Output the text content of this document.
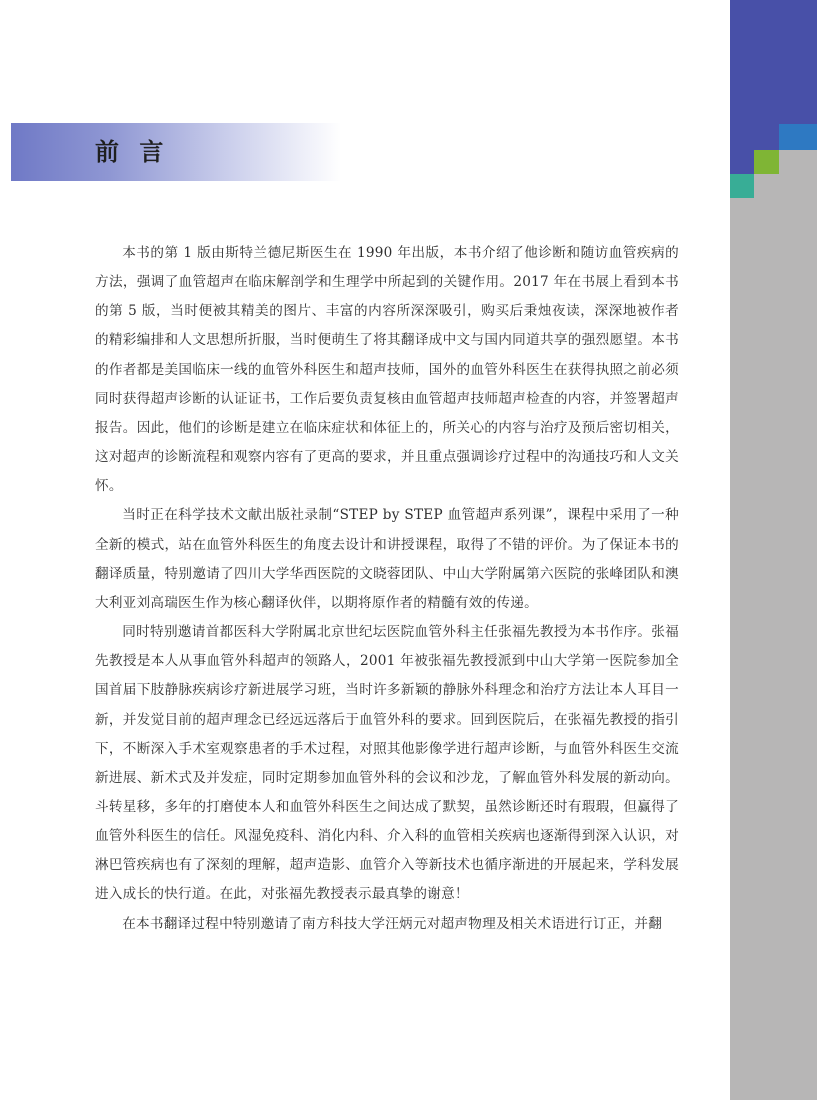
前 言

本书的第 1 版由斯特兰德尼斯医生在 1990 年出版，本书介绍了他诊断和随访血管疾病的方法，强调了血管超声在临床解剖学和生理学中所起到的关键作用。2017 年在书展上看到本书的第 5 版，当时便被其精美的图片、丰富的内容所深深吸引，购买后秉烛夜读，深深地被作者的精彩编排和人文思想所折服，当时便萌生了将其翻译成中文与国内同道共享的强烈愿望。本书的作者都是美国临床一线的血管外科医生和超声技师，国外的血管外科医生在获得执照之前必须同时获得超声诊断的认证证书，工作后要负责复核由血管超声技师超声检查的内容，并签署超声报告。因此，他们的诊断是建立在临床症状和体征上的，所关心的内容与治疗及预后密切相关，这对超声的诊断流程和观察内容有了更高的要求，并且重点强调诊疗过程中的沟通技巧和人文关怀。

当时正在科学技术文献出版社录制“STEP by STEP 血管超声系列课”，课程中采用了一种全新的模式，站在血管外科医生的角度去设计和讲授课程，取得了不错的评价。为了保证本书的翻译质量，特别邀请了四川大学华西医院的文晓蓉团队、中山大学附属第六医院的张峰团队和澳大利亚刘高瑞医生作为核心翻译伙伴，以期将原作者的精髓有效的传递。

同时特别邀请首都医科大学附属北京世纪坛医院血管外科主任张福先教授为本书作序。张福先教授是本人从事血管外科超声的领路人，2001 年被张福先教授派到中山大学第一医院参加全国首届下肢静脉疾病诊疗新进展学习班，当时许多新颖的静脉外科理念和治疗方法让本人耳目一新，并发觉目前的超声理念已经远远落后于血管外科的要求。回到医院后，在张福先教授的指引下，不断深入手术室观察患者的手术过程，对照其他影像学进行超声诊断，与血管外科医生交流新进展、新术式及并发症，同时定期参加血管外科的会议和沙龙，了解血管外科发展的新动向。斗转星移，多年的打磨使本人和血管外科医生之间达成了默契，虽然诊断还时有瑕瑕，但赢得了血管外科医生的信任。风湿免疫科、消化内科、介入科的血管相关疾病也逐渐得到深入认识，对淋巴管疾病也有了深刻的理解，超声造影、血管介入等新技术也循序渐进的开展起来，学科发展进入成长的快行道。在此，对张福先教授表示最真挚的谢意！

在本书翻译过程中特别邀请了南方科技大学汪炳元对超声物理及相关术语进行订正，并翻
